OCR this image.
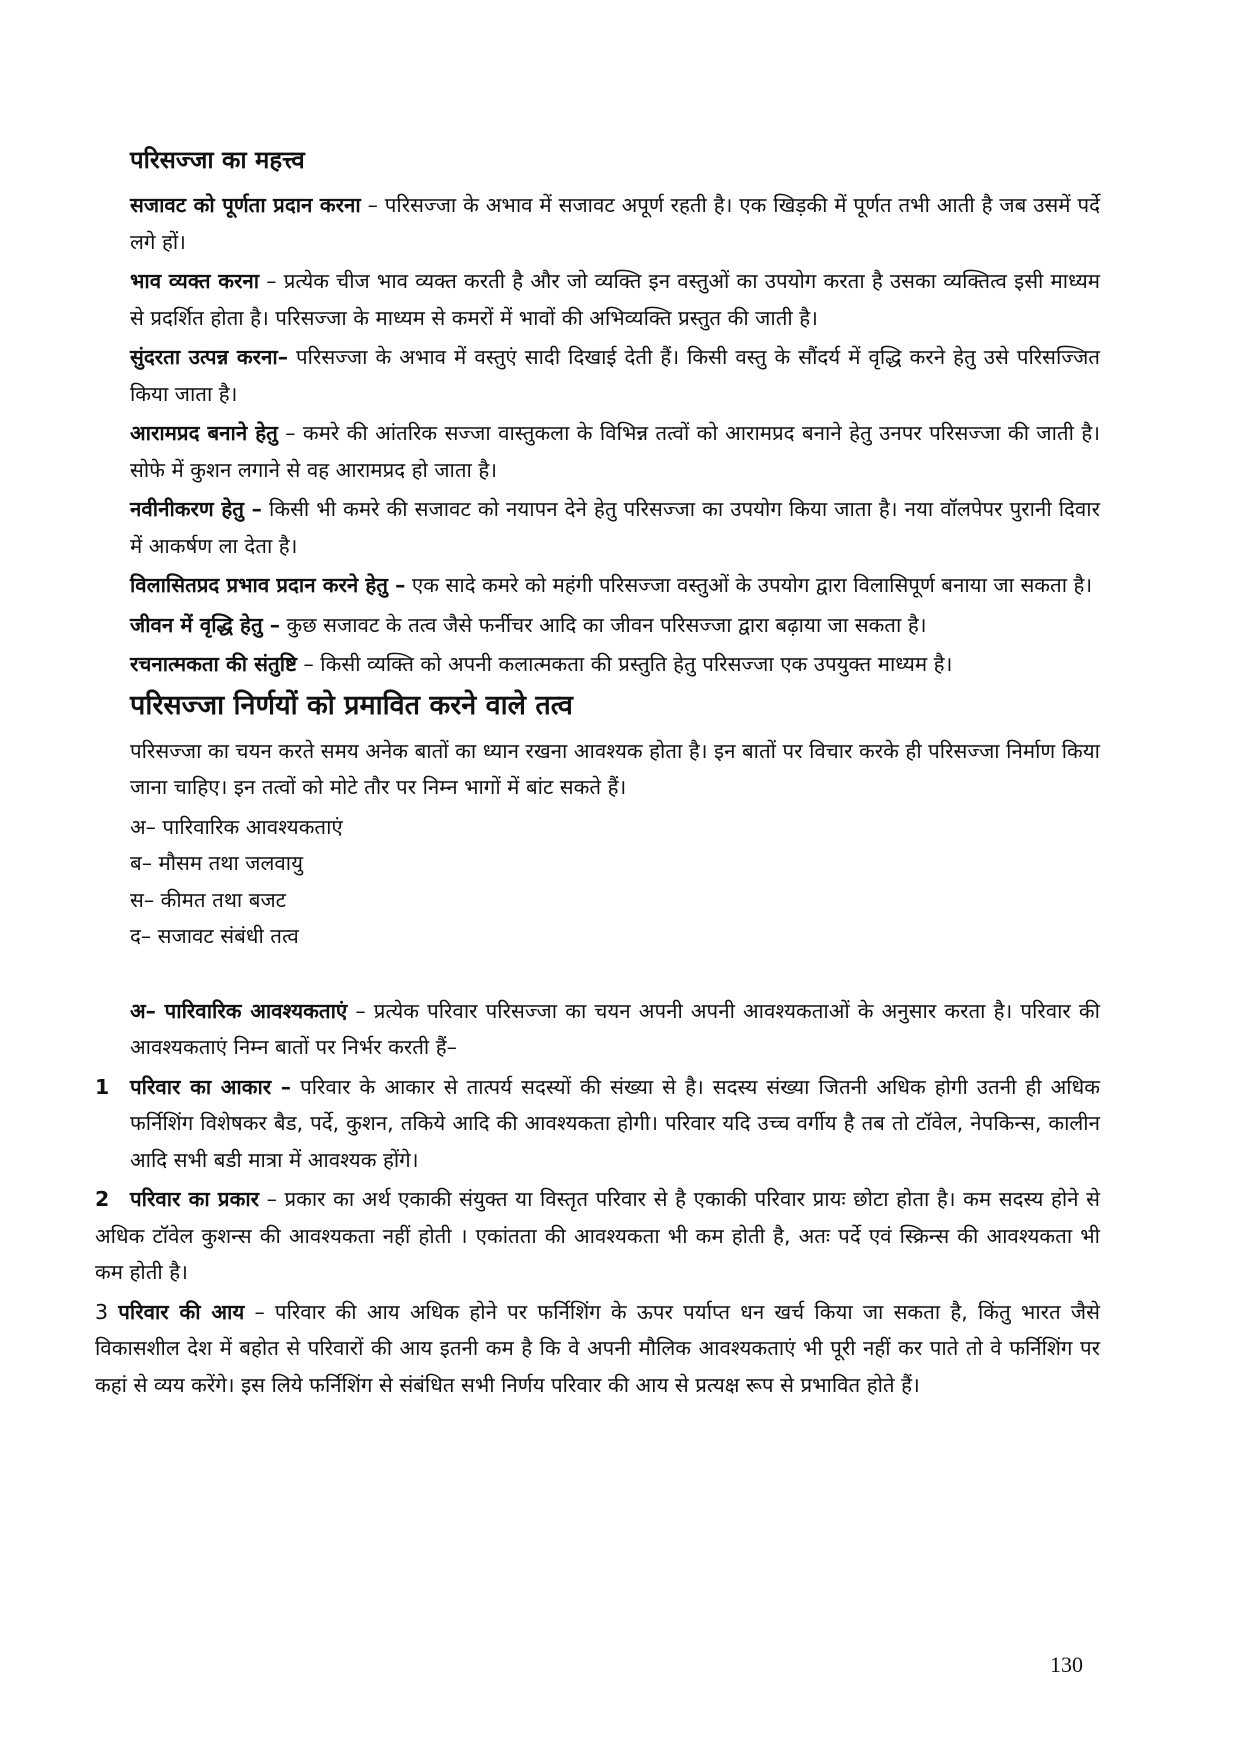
परिसज्जा का महत्त्व

सजावट को पूर्णता प्रदान करना – परिसज्जा के अभाव में सजावट अपूर्ण रहती है। एक खिड़की में पूर्णत तभी आती है जब उसमें पर्दे लगे हों।

भाव व्यक्त करना – प्रत्येक चीज भाव व्यक्त करती है और जो व्यक्ति इन वस्तुओं का उपयोग करता है उसका व्यक्तित्व इसी माध्यम से प्रदर्शित होता है। परिसज्जा के माध्यम से कमरों में भावों की अभिव्यक्ति प्रस्तुत की जाती है।

सुंदरता उत्पन्न करना– परिसज्जा के अभाव में वस्तुएं सादी दिखाई देती हैं। किसी वस्तु के सौंदर्य में वृद्धि करने हेतु उसे परिसज्जित किया जाता है।

आरामप्रद बनाने हेतु – कमरे की आंतरिक सज्जा वास्तुकला के विभिन्न तत्वों को आरामप्रद बनाने हेतु उनपर परिसज्जा की जाती है। सोफे में कुशन लगाने से वह आरामप्रद हो जाता है।

नवीनीकरण हेतु – किसी भी कमरे की सजावट को नयापन देने हेतु परिसज्जा का उपयोग किया जाता है। नया वॉलपेपर पुरानी दिवार में आकर्षण ला देता है।

विलासितप्रद प्रभाव प्रदान करने हेतु – एक सादे कमरे को महंगी परिसज्जा वस्तुओं के उपयोग द्वारा विलासिपूर्ण बनाया जा सकता है।

जीवन में वृद्धि हेतु – कुछ सजावट के तत्व जैसे फर्नीचर आदि का जीवन परिसज्जा द्वारा बढ़ाया जा सकता है।

रचनात्मकता की संतुष्टि – किसी व्यक्ति को अपनी कलात्मकता की प्रस्तुति हेतु परिसज्जा एक उपयुक्त माध्यम है।

परिसज्जा निर्णयों को प्रमावित करने वाले तत्व

परिसज्जा का चयन करते समय अनेक बातों का ध्यान रखना आवश्यक होता है। इन बातों पर विचार करके ही परिसज्जा निर्माण किया जाना चाहिए। इन तत्वों को मोटे तौर पर निम्न भागों में बांट सकते हैं।

अ– पारिवारिक आवश्यकताएं
ब– मौसम तथा जलवायु
स– कीमत तथा बजट
द– सजावट संबंधी तत्व

अ– पारिवारिक आवश्यकताएं – प्रत्येक परिवार परिसज्जा का चयन अपनी अपनी आवश्यकताओं के अनुसार करता है। परिवार की आवश्यकताएं निम्न बातों पर निर्भर करती हैं–

1 परिवार का आकार – परिवार के आकार से तात्पर्य सदस्यों की संख्या से है। सदस्य संख्या जितनी अधिक होगी उतनी ही अधिक फर्निशिंग विशेषकर बैड, पर्दे, कुशन, तकिये आदि की आवश्यकता होगी। परिवार यदि उच्च वर्गीय है तब तो टॉवेल, नेपकिन्स, कालीन आदि सभी बडी मात्रा में आवश्यक होंगे।

2 परिवार का प्रकार – प्रकार का अर्थ एकाकी संयुक्त या विस्तृत परिवार से है एकाकी परिवार प्रायः छोटा होता है। कम सदस्य होने से अधिक टॉवेल कुशन्स की आवश्यकता नहीं होती । एकांतता की आवश्यकता भी कम होती है, अतः पर्दे एवं स्क्रिन्स की आवश्यकता भी कम होती है।

3 परिवार की आय – परिवार की आय अधिक होने पर फर्निशिंग के ऊपर पर्याप्त धन खर्च किया जा सकता है, किंतु भारत जैसे विकासशील देश में बहोत से परिवारों की आय इतनी कम है कि वे अपनी मौलिक आवश्यकताएं भी पूरी नहीं कर पाते तो वे फर्निशिंग पर कहां से व्यय करेंगे। इस लिये फर्निशिंग से संबंधित सभी निर्णय परिवार की आय से प्रत्यक्ष रूप से प्रभावित होते हैं।

130
